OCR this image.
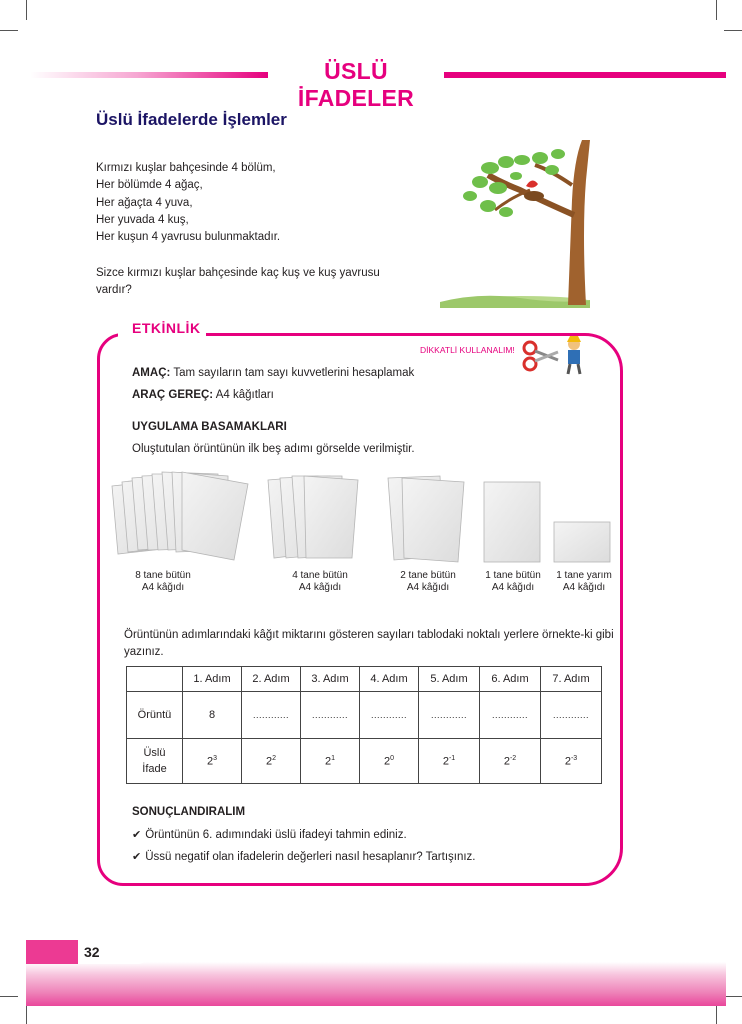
ÜSLÜ İFADELER
Üslü İfadelerde İşlemler
Kırmızı kuşlar bahçesinde 4 bölüm,
Her bölümde 4 ağaç,
Her ağaçta 4 yuva,
Her yuvada 4 kuş,
Her kuşun 4 yavrusu bulunmaktadır.
Sizce kırmızı kuşlar bahçesinde kaç kuş ve kuş yavrusu vardır?
ETKİNLİK
DİKKATLİ KULLANALIM!
AMAÇ: Tam sayıların tam sayı kuvvetlerini hesaplamak
ARAÇ GEREÇ: A4 kâğıtları
UYGULAMA BASAMAKLARI
Oluştutulan örüntünün ilk beş adımı görselde verilmiştir.
8 tane bütün
A4 kâğıdı
4 tane bütün
A4 kâğıdı
2 tane bütün
A4 kâğıdı
1 tane bütün
A4 kâğıdı
1 tane yarım
A4 kâğıdı
Örüntünün adımlarındaki kâğıt miktarını gösteren sayıları tablodaki noktalı yerlere örnekte-ki gibi yazınız.
	1. Adım	2. Adım	3. Adım	4. Adım	5. Adım	6. Adım	7. Adım
Örüntü	8	............	............	............	............	............	............

Üslü
İfade	$2^3$	$2^2$	$2^1$	$2^0$	$2^{-1}$	$2^{-2}$	$2^{-3}$
SONUÇLANDIRALIM
✔ Örüntünün 6. adımındaki üslü ifadeyi tahmin ediniz.
✔ Üssü negatif olan ifadelerin değerleri nasıl hesaplanır? Tartışınız.
32
